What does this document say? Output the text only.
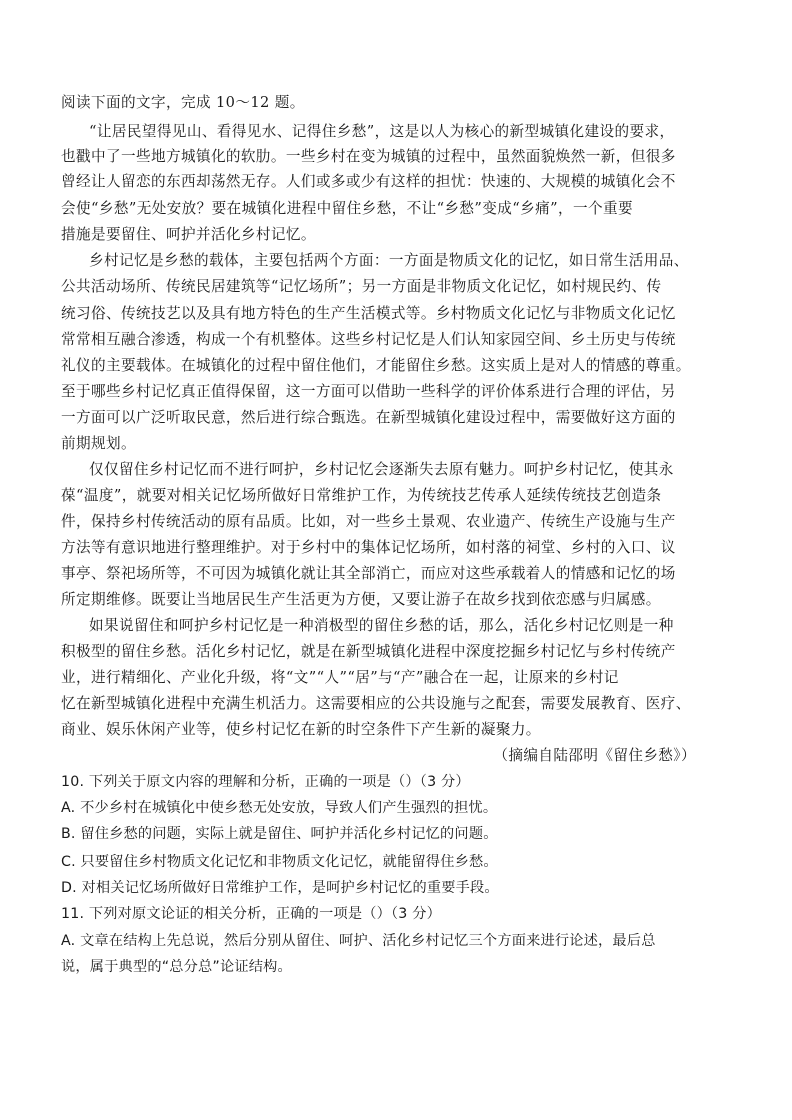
阅读下面的文字，完成 10～12 题。
“让居民望得见山、看得见水、记得住乡愁”，这是以人为核心的新型城镇化建设的要求，
也戳中了一些地方城镇化的软肋。一些乡村在变为城镇的过程中，虽然面貌焕然一新，但很多
曾经让人留恋的东西却荡然无存。人们或多或少有这样的担忧：快速的、大规模的城镇化会不
会使“乡愁”无处安放？要在城镇化进程中留住乡愁，不让“乡愁”变成“乡痛”，一个重要
措施是要留住、呵护并活化乡村记忆。
乡村记忆是乡愁的载体，主要包括两个方面：一方面是物质文化的记忆，如日常生活用品、
公共活动场所、传统民居建筑等“记忆场所”；另一方面是非物质文化记忆，如村规民约、传
统习俗、传统技艺以及具有地方特色的生产生活模式等。乡村物质文化记忆与非物质文化记忆
常常相互融合渗透，构成一个有机整体。这些乡村记忆是人们认知家园空间、乡土历史与传统
礼仪的主要载体。在城镇化的过程中留住他们，才能留住乡愁。这实质上是对人的情感的尊重。
至于哪些乡村记忆真正值得保留，这一方面可以借助一些科学的评价体系进行合理的评估，另
一方面可以广泛听取民意，然后进行综合甄选。在新型城镇化建设过程中，需要做好这方面的
前期规划。
仅仅留住乡村记忆而不进行呵护，乡村记忆会逐渐失去原有魅力。呵护乡村记忆，使其永
葆“温度”，就要对相关记忆场所做好日常维护工作，为传统技艺传承人延续传统技艺创造条
件，保持乡村传统活动的原有品质。比如，对一些乡土景观、农业遗产、传统生产设施与生产
方法等有意识地进行整理维护。对于乡村中的集体记忆场所，如村落的祠堂、乡村的入口、议
事亭、祭祀场所等，不可因为城镇化就让其全部消亡，而应对这些承载着人的情感和记忆的场
所定期维修。既要让当地居民生产生活更为方便，又要让游子在故乡找到依恋感与归属感。
如果说留住和呵护乡村记忆是一种消极型的留住乡愁的话，那么，活化乡村记忆则是一种
积极型的留住乡愁。活化乡村记忆，就是在新型城镇化进程中深度挖掘乡村记忆与乡村传统产
业，进行精细化、产业化升级，将“文”“人”“居”与“产”融合在一起，让原来的乡村记
忆在新型城镇化进程中充满生机活力。这需要相应的公共设施与之配套，需要发展教育、医疗、
商业、娱乐休闲产业等，使乡村记忆在新的时空条件下产生新的凝聚力。
（摘编自陆邵明《留住乡愁》）
10. 下列关于原文内容的理解和分析，正确的一项是（）（3 分）
A. 不少乡村在城镇化中使乡愁无处安放，导致人们产生强烈的担忧。
B. 留住乡愁的问题，实际上就是留住、呵护并活化乡村记忆的问题。
C. 只要留住乡村物质文化记忆和非物质文化记忆，就能留得住乡愁。
D. 对相关记忆场所做好日常维护工作，是呵护乡村记忆的重要手段。
11. 下列对原文论证的相关分析，正确的一项是（）（3 分）
A. 文章在结构上先总说，然后分别从留住、呵护、活化乡村记忆三个方面来进行论述，最后总
说，属于典型的“总分总”论证结构。
